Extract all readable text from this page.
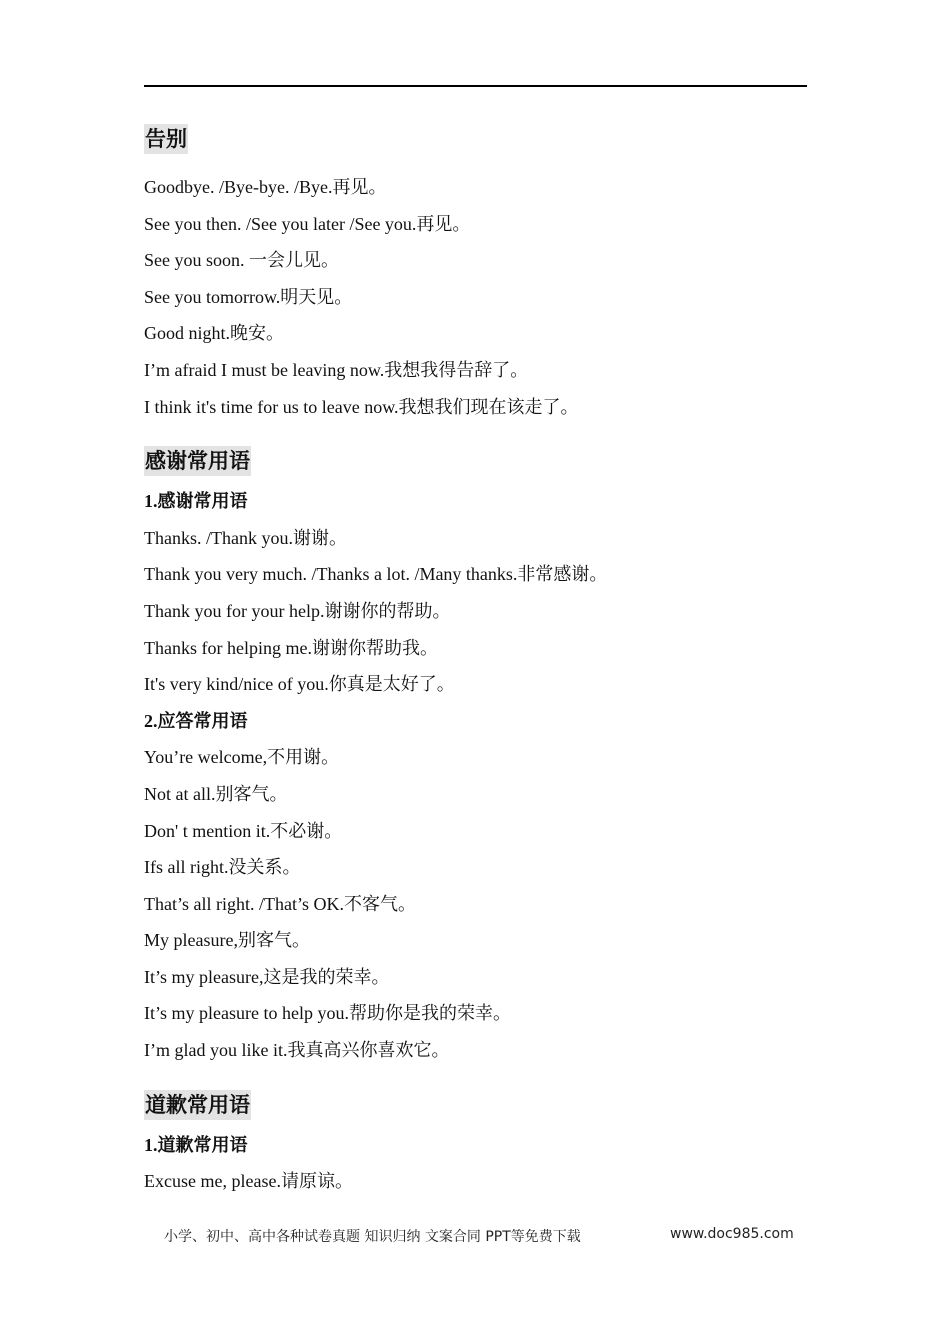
告别
Goodbye. /Bye-bye. /Bye.再见。
See you then. /See you later /See you.再见。
See you soon. 一会儿见。
See you tomorrow.明天见。
Good night.晚安。
I’m afraid I must be leaving now.我想我得告辞了。
I think it's time for us to leave now.我想我们现在该走了。
感谢常用语
1.感谢常用语
Thanks. /Thank you.谢谢。
Thank you very much. /Thanks a lot. /Many thanks.非常感谢。
Thank you for your help.谢谢你的帮助。
Thanks for helping me.谢谢你帮助我。
It's very kind/nice of you.你真是太好了。
2.应答常用语
You’re welcome,不用谢。
Not at all.别客气。
Don' t mention it.不必谢。
Ifs all right.没关系。
That’s all right. /That’s OK.不客气。
My pleasure,别客气。
It’s my pleasure,这是我的荣幸。
It’s my pleasure to help you.帮助你是我的荣幸。
I’m glad you like it.我真高兴你喜欢它。
道歉常用语
1.道歉常用语
Excuse me, please.请原谅。
小学、初中、高中各种试卷真题 知识归纳 文案合同 PPT等免费下载	www.doc985.com
